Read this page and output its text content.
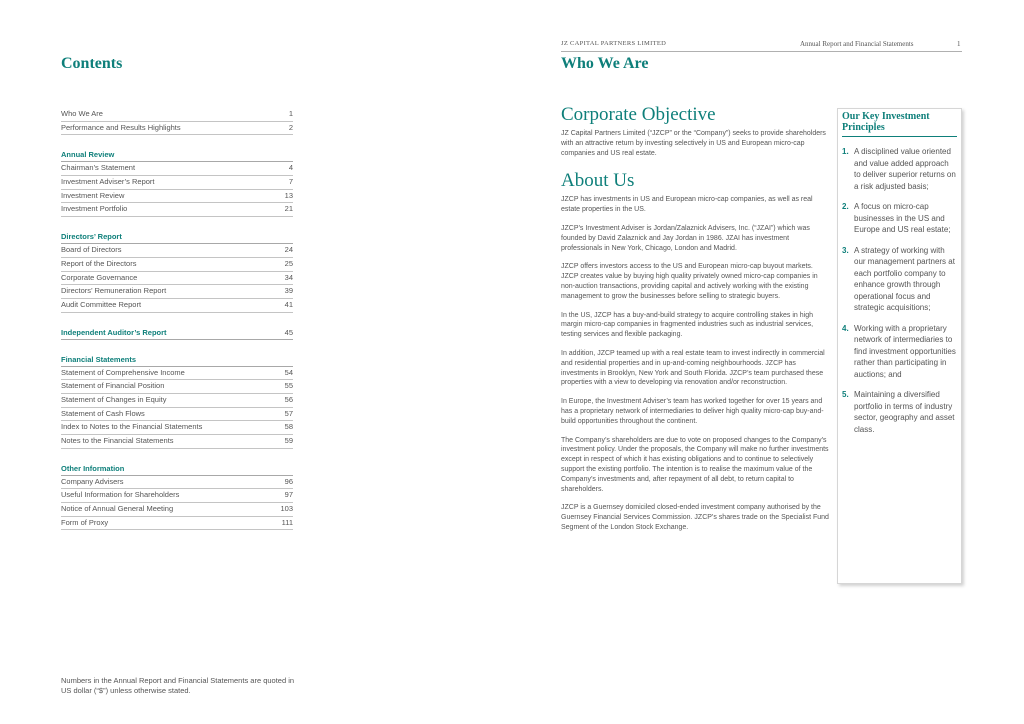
Contents
Who We Are	1
Performance and Results Highlights	2
Annual Review
Chairman’s Statement	4
Investment Adviser’s Report	7
Investment Review	13
Investment Portfolio	21
Directors’ Report
Board of Directors	24
Report of the Directors	25
Corporate Governance	34
Directors’ Remuneration Report	39
Audit Committee Report	41
Independent Auditor’s Report	45
Financial Statements
Statement of Comprehensive Income	54
Statement of Financial Position	55
Statement of Changes in Equity	56
Statement of Cash Flows	57
Index to Notes to the Financial Statements	58
Notes to the Financial Statements	59
Other Information
Company Advisers	96
Useful Information for Shareholders	97
Notice of Annual General Meeting	103
Form of Proxy	111
Numbers in the Annual Report and Financial Statements are quoted in US dollar (“$”) unless otherwise stated.
JZ CAPITAL PARTNERS LIMITED	Annual Report and Financial Statements	1
Who We Are
Corporate Objective

JZ Capital Partners Limited (“JZCP” or the “Company”) seeks to provide shareholders with an attractive return by investing selectively in US and European micro-cap companies and US real estate.

About Us

JZCP has investments in US and European micro-cap companies, as well as real estate properties in the US.

JZCP’s Investment Adviser is Jordan/Zalaznick Advisers, Inc. (“JZAI”) which was founded by David Zalaznick and Jay Jordan in 1986. JZAI has investment professionals in New York, Chicago, London and Madrid.

JZCP offers investors access to the US and European micro-cap buyout markets. JZCP creates value by buying high quality privately owned micro-cap companies in non-auction transactions, providing capital and actively working with the existing management to grow the businesses before selling to strategic buyers.

In the US, JZCP has a buy-and-build strategy to acquire controlling stakes in high margin micro-cap companies in fragmented industries such as industrial services, testing services and flexible packaging.

In addition, JZCP teamed up with a real estate team to invest indirectly in commercial and residential properties and in up-and-coming neighbourhoods. JZCP has investments in Brooklyn, New York and South Florida. JZCP’s team purchased these properties with a view to developing via renovation and/or reconstruction.

In Europe, the Investment Adviser’s team has worked together for over 15 years and has a proprietary network of intermediaries to deliver high quality micro-cap buy-and-build opportunities throughout the continent.

The Company’s shareholders are due to vote on proposed changes to the Company’s investment policy. Under the proposals, the Company will make no further investments except in respect of which it has existing obligations and to continue to selectively support the existing portfolio. The intention is to realise the maximum value of the Company’s investments and, after repayment of all debt, to return capital to shareholders.

JZCP is a Guernsey domiciled closed-ended investment company authorised by the Guernsey Financial Services Commission. JZCP’s shares trade on the Specialist Fund Segment of the London Stock Exchange.

Our Key Investment Principles
1. A disciplined value oriented and value added approach to deliver superior returns on a risk adjusted basis;
2. A focus on micro-cap businesses in the US and Europe and US real estate;
3. A strategy of working with our management partners at each portfolio company to enhance growth through operational focus and strategic acquisitions;
4. Working with a proprietary network of intermediaries to find investment opportunities rather than participating in auctions; and
5. Maintaining a diversified portfolio in terms of industry sector, geography and asset class.
